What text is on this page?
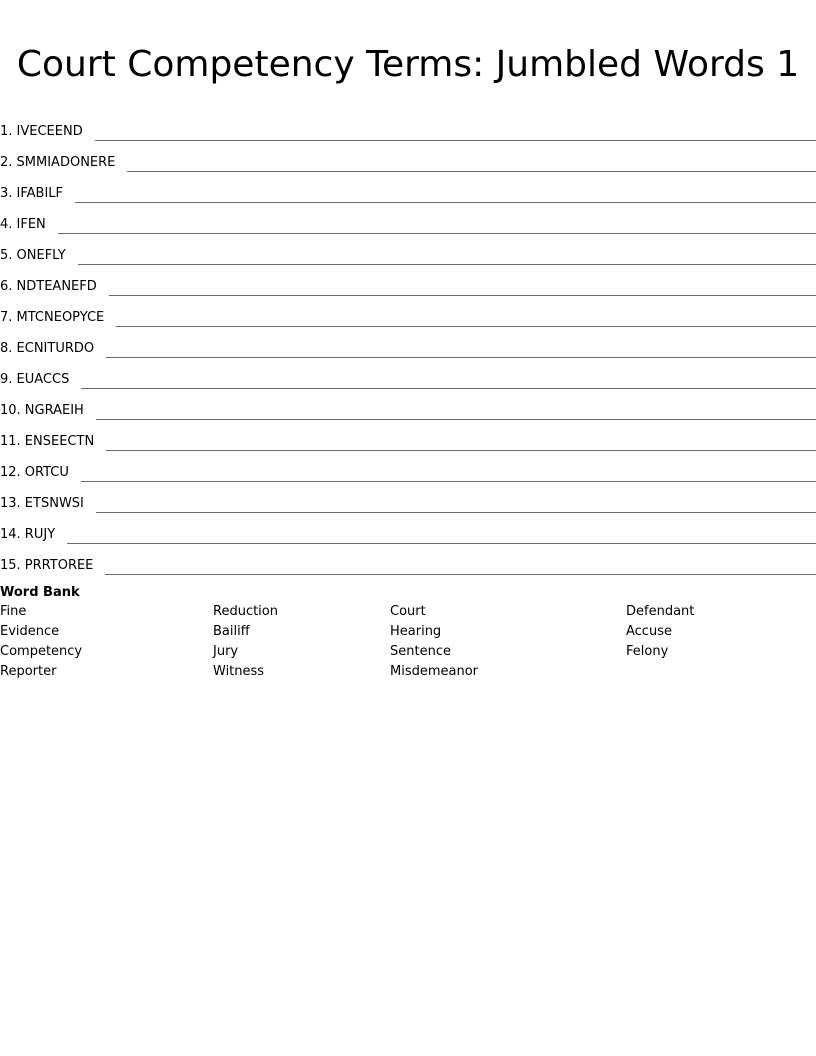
Court Competency Terms: Jumbled Words 1
1. IVECEEND
2. SMMIADONERE
3. IFABILF
4. IFEN
5. ONEFLY
6. NDTEANEFD
7. MTCNEOPYCE
8. ECNITURDO
9. EUACCS
10. NGRAEIH
11. ENSEECTN
12. ORTCU
13. ETSNWSI
14. RUJY
15. PRRTOREE
Word Bank
Fine	Reduction	Court	Defendant
Evidence	Bailiff	Hearing	Accuse
Competency	Jury	Sentence	Felony
Reporter	Witness	Misdemeanor
